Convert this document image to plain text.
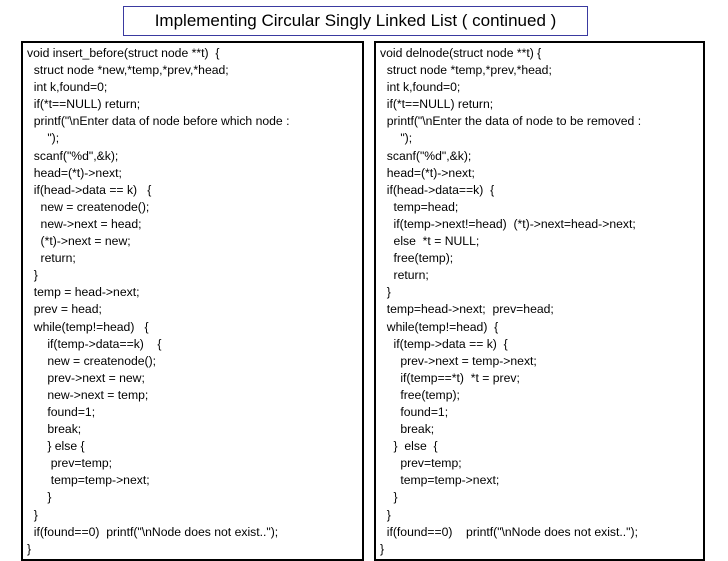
Implementing Circular Singly Linked List ( continued )
void insert_before(struct node **t)  {
struct node *new,*temp,*prev,*head;
int k,found=0;
if(*t==NULL) return;
printf("\nEnter data of node before which node :
");
scanf("%d",&k);
head=(*t)->next;
if(head->data == k)   {
new = createnode();
new->next = head;
(*t)->next = new;
return;
}
temp = head->next;
prev = head;
while(temp!=head)   {
if(temp->data==k)    {
new = createnode();
prev->next = new;
new->next = temp;
found=1;
break;
} else {
prev=temp;
temp=temp->next;
}
}
if(found==0)  printf("\nNode does not exist..");
}
void delnode(struct node **t) {
struct node *temp,*prev,*head;
int k,found=0;
if(*t==NULL) return;
printf("\nEnter the data of node to be removed :
");
scanf("%d",&k);
head=(*t)->next;
if(head->data==k)  {
temp=head;
if(temp->next!=head)  (*t)->next=head->next;
else  *t = NULL;
free(temp);
return;
}
temp=head->next;  prev=head;
while(temp!=head)  {
if(temp->data == k)  {
prev->next = temp->next;
if(temp==*t)  *t = prev;
free(temp);
found=1;
break;
}  else  {
prev=temp;
temp=temp->next;
}
}
if(found==0)    printf("\nNode does not exist..");
}
